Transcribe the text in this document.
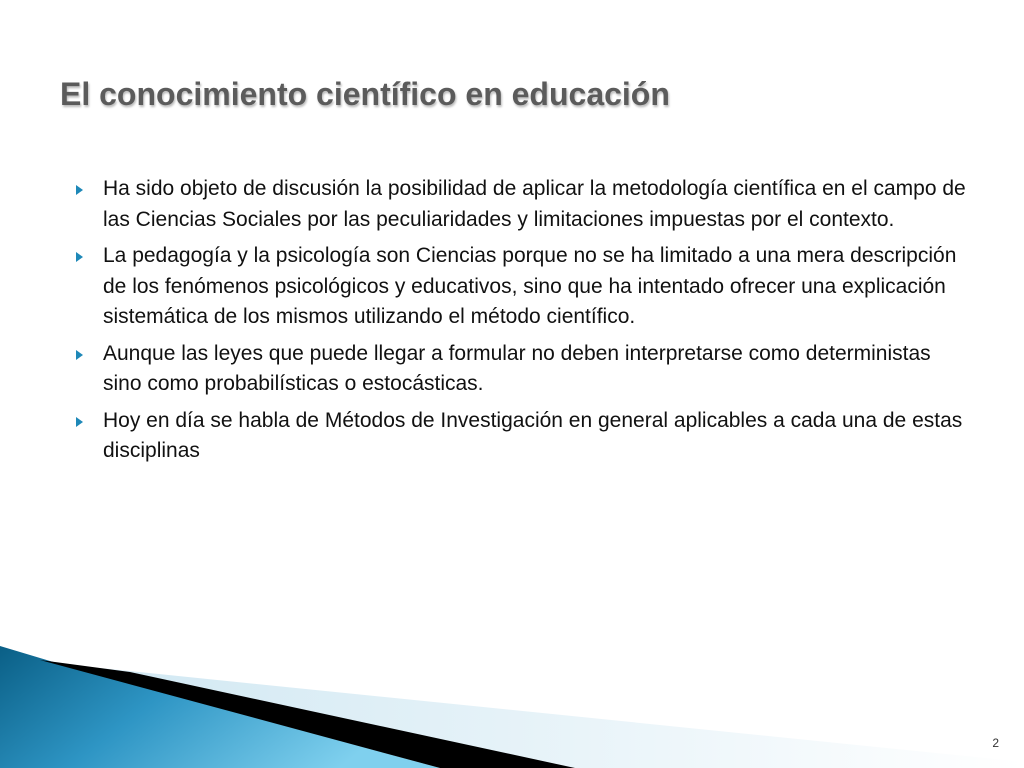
El conocimiento científico en educación
Ha sido objeto de discusión la posibilidad de aplicar la metodología científica en el campo de las Ciencias Sociales por las peculiaridades y limitaciones impuestas por el contexto.
La pedagogía y la psicología son Ciencias porque no se ha limitado a una mera descripción de los fenómenos psicológicos y educativos, sino que ha intentado ofrecer una explicación sistemática de los mismos utilizando el método científico.
Aunque las leyes que puede llegar a formular no deben interpretarse como deterministas sino como probabilísticas o estocásticas.
Hoy en día se habla de Métodos de Investigación en general aplicables a cada una de estas disciplinas
2
